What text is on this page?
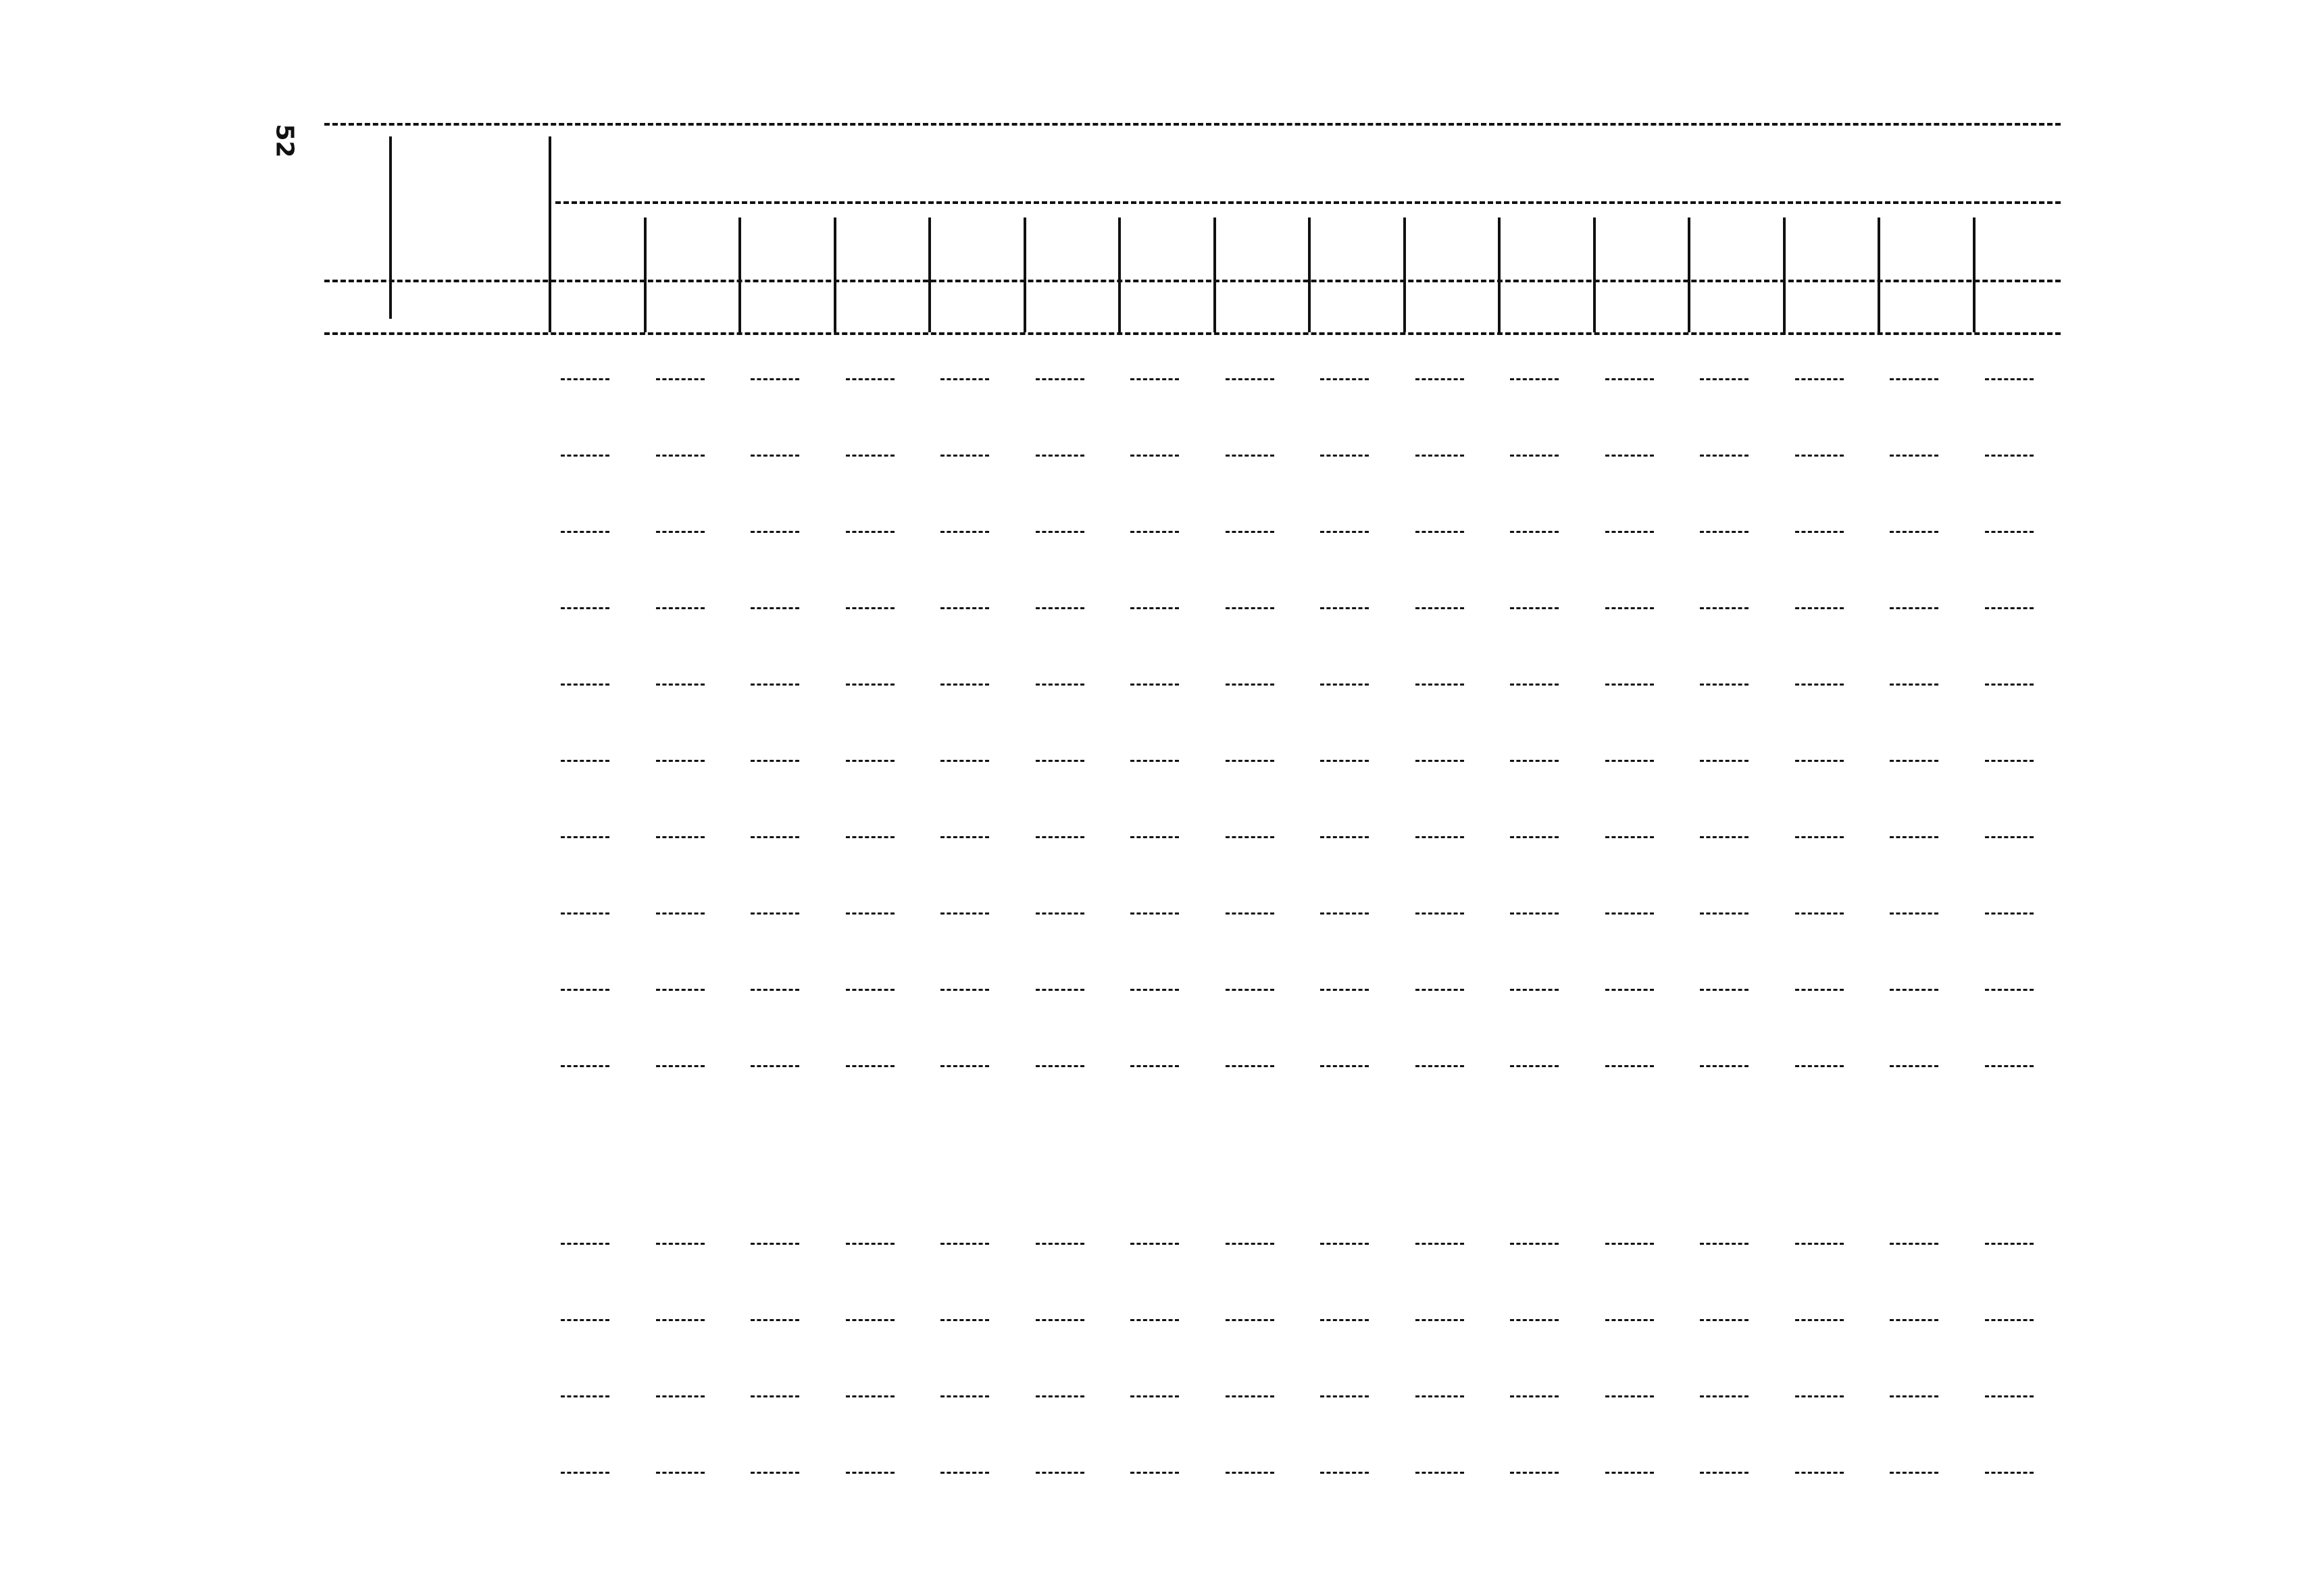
52
